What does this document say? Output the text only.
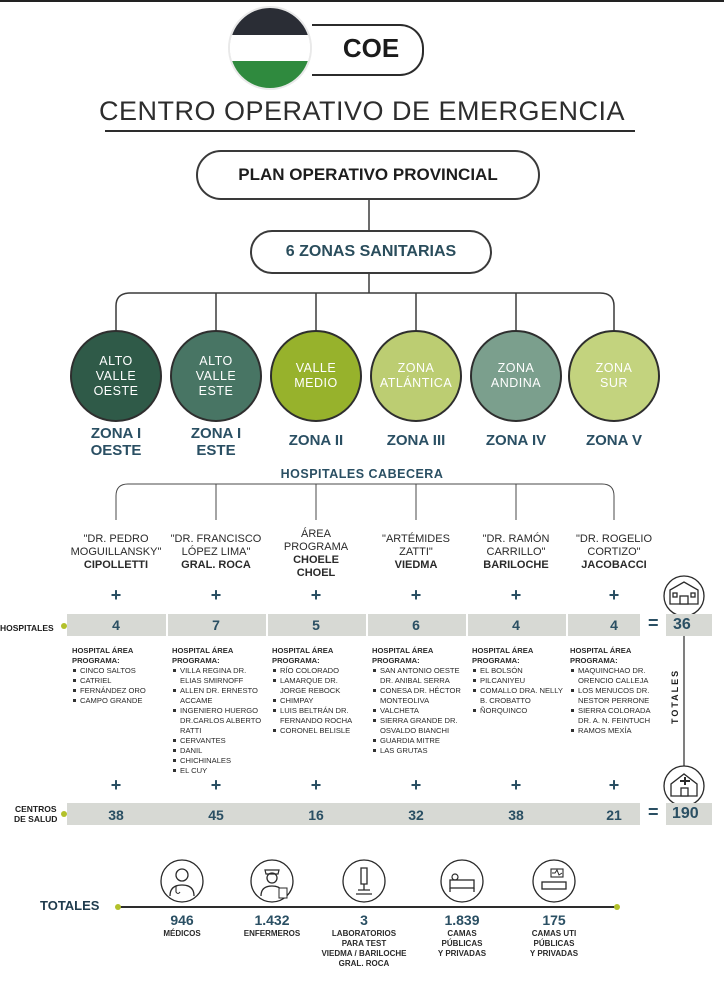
COE
CENTRO OPERATIVO DE EMERGENCIA
PLAN OPERATIVO PROVINCIAL
6 ZONAS SANITARIAS
ALTO
VALLE
OESTE
ZONA I
OESTE
ALTO
VALLE
ESTE
ZONA I
ESTE
VALLE
MEDIO
ZONA II
ZONA
ATLÁNTICA
ZONA III
ZONA
ANDINA
ZONA IV
ZONA
SUR
ZONA V
HOSPITALES CABECERA
"DR. PEDRO
MOGUILLANSKY"
CIPOLLETTI
+
+
"DR. FRANCISCO
LÓPEZ LIMA"
GRAL. ROCA
+
+
ÁREA
PROGRAMA
CHOELE
CHOEL
+
+
"ARTÉMIDES
ZATTI"
VIEDMA
+
+
"DR. RAMÓN
CARRILLO"
BARILOCHE
+
+
"DR. ROGELIO
CORTIZO"
JACOBACCI
+
+
HOSPITALES	4	7	5	6	4	4	= 36
HOSPITAL ÁREA
PROGRAMA:
CINCO SALTOS
CATRIEL
FERNÁNDEZ ORO
CAMPO GRANDE
HOSPITAL ÁREA
PROGRAMA:
VILLA REGINA DR. ELIAS SMIRNOFF
ALLEN DR. ERNESTO ACCAME
INGENIERO HUERGO DR.CARLOS ALBERTO RATTI
CERVANTES
DANIL
CHICHINALES
EL CUY
HOSPITAL ÁREA
PROGRAMA:
RÍO COLORADO
LAMARQUE DR. JORGE REBOCK
CHIMPAY
LUIS BELTRÁN DR. FERNANDO ROCHA
CORONEL BELISLE
HOSPITAL ÁREA
PROGRAMA:
SAN ANTONIO OESTE DR. ANIBAL SERRA
CONESA DR. HÉCTOR MONTEOLIVA
VALCHETA
SIERRA GRANDE DR. OSVALDO BIANCHI
GUARDIA MITRE
LAS GRUTAS
HOSPITAL ÁREA
PROGRAMA:
EL BOLSÓN
PILCANIYEU
COMALLO DRA. NELLY B. CROBATTO
ÑORQUINCO
HOSPITAL ÁREA
PROGRAMA:
MAQUINCHAO DR. ORENCIO CALLEJA
LOS MENUCOS DR. NESTOR PERRONE
SIERRA COLORADA DR. A. N. FEINTUCH
RAMOS MEXÍA
TOTALES
CENTROS
DE SALUD	38	45	16	32	38	21	= 190
TOTALES
946
MÉDICOS
1.432
ENFERMEROS
3
LABORATORIOS
PARA TEST
VIEDMA / BARILOCHE
GRAL. ROCA
1.839
CAMAS
PÚBLICAS
Y PRIVADAS
175
CAMAS UTI
PÚBLICAS
Y PRIVADAS
